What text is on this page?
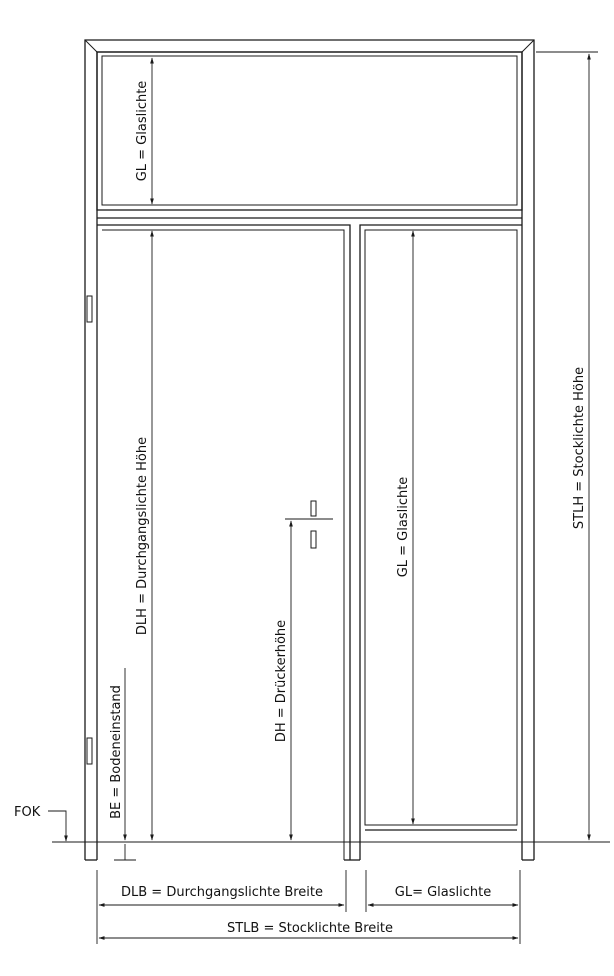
GL = Glaslichte
DLH = Durchgangslichte Höhe	GL = Glaslichte	STLH = Stocklichte Höhe
DH = Drückerhöhe
BE = Bodeneinstand
FOK
DLB = Durchgangslichte Breite	GL= Glaslichte
STLB = Stocklichte Breite
